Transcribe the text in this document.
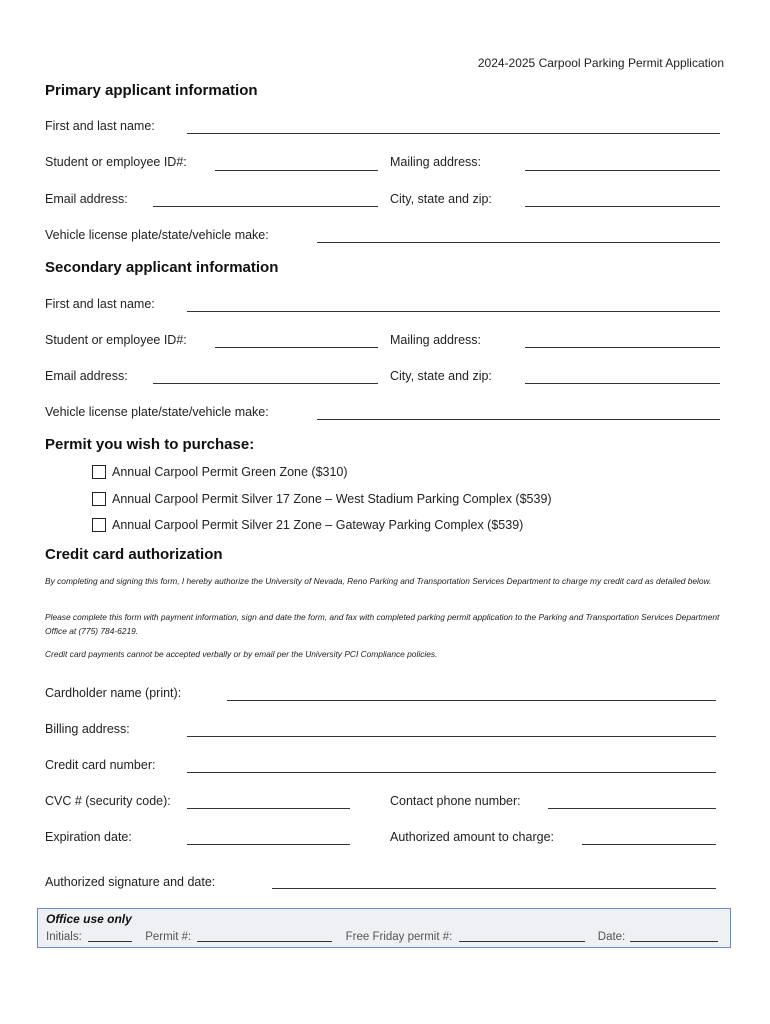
2024-2025 Carpool Parking Permit Application
Primary applicant information
First and last name:
Student or employee ID#:	Mailing address:
Email address:	City, state and zip:
Vehicle license plate/state/vehicle make:
Secondary applicant information
First and last name:
Student or employee ID#:	Mailing address:
Email address:	City, state and zip:
Vehicle license plate/state/vehicle make:
Permit you wish to purchase:
Annual Carpool Permit Green Zone ($310)
Annual Carpool Permit Silver 17 Zone – West Stadium Parking Complex ($539)
Annual Carpool Permit Silver 21 Zone – Gateway Parking Complex ($539)
Credit card authorization
By completing and signing this form, I hereby authorize the University of Nevada, Reno Parking and Transportation Services Department to charge my credit card as detailed below.
Please complete this form with payment information, sign and date the form, and fax with completed parking permit application to the Parking and Transportation Services Department Office at (775) 784-6219.
Credit card payments cannot be accepted verbally or by email per the University PCI Compliance policies.
Cardholder name (print):
Billing address:
Credit card number:
CVC # (security code):	Contact phone number:
Expiration date:	Authorized amount to charge:
Authorized signature and date:
Office use only
Initials:	Permit #:	Free Friday permit #:	Date:
